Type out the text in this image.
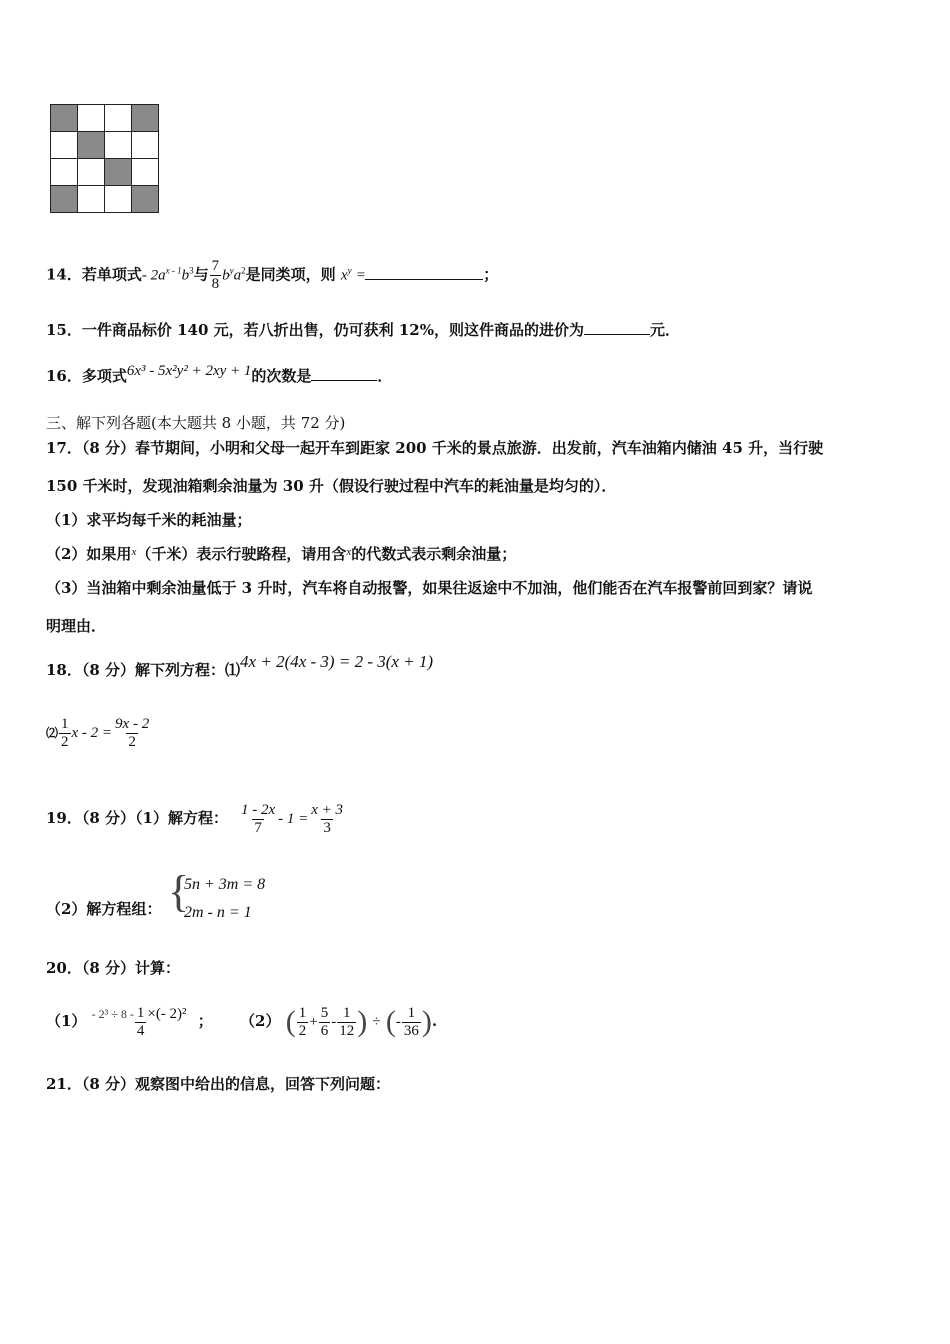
14．若单项式- $2a^{x - 1}b^3$与 $\frac{7}{8} b^ya^2$是同类项，则 $x^y$ =	；
15．一件商品标价 140 元，若八折出售，仍可获利 12%，则这件商品的进价为	元．
16．多项式6x³ - 5x²y² + 2xy + 1的次数是	．
三、解下列各题(本大题共 8 小题，共 72 分)
17．（8 分）春节期间，小明和父母一起开车到距家 200 千米的景点旅游．出发前，汽车油箱内储油 45 升，当行驶
150 千米时，发现油箱剩余油量为 30 升（假设行驶过程中汽车的耗油量是均匀的）．
（1）求平均每千米的耗油量；
（2）如果用$^x$（千米）表示行驶路程，请用含$^x$的代数式表示剩余油量；
（3）当油箱中剩余油量低于 3 升时，汽车将自动报警，如果往返途中不加油，他们能否在汽车报警前回到家？请说
明理由．
18．（8 分）解下列方程：⑴4x + 2(4x - 3) = 2 - 3(x + 1)
⑵ $\frac{1}{2}$ $x - 2 = \frac{9x - 2}{2}$
19．（8 分）（1）解方程： $\frac{1 - 2x}{7} - 1 = \frac{x + 3}{3}$
（2）解方程组： {
5n + 3m = 8
2m - n = 1
20．（8 分）计算：
（1） $^{- 2^3 \div 8 -} \frac{1}{4}$ ×(- 2)² ； （2） ( $\frac{1}{2} + \frac{5}{6} - \frac{1}{12}$ ) ÷ (- $\frac{1}{36}$ ).
21．（8 分）观察图中给出的信息，回答下列问题：
